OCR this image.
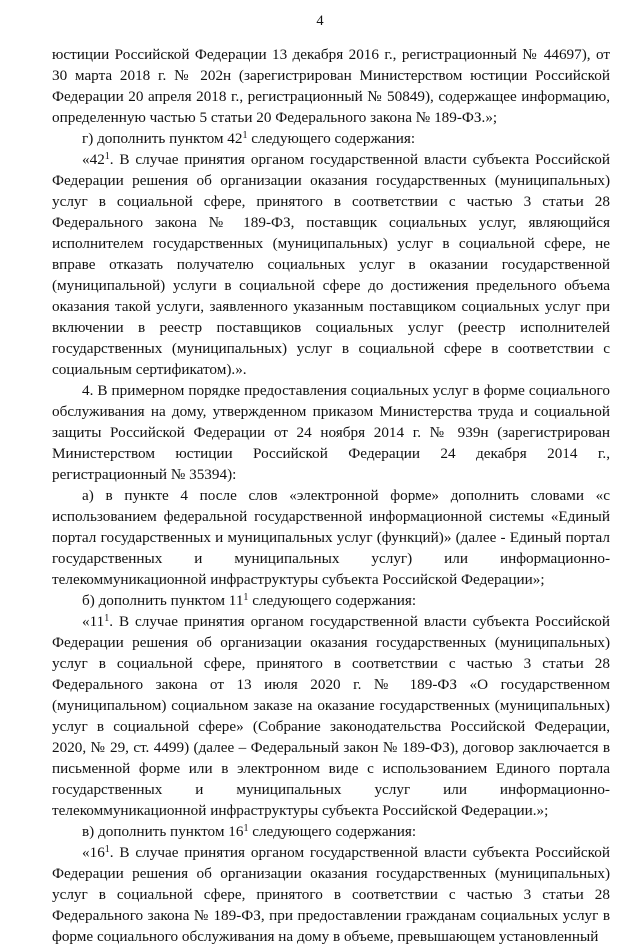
4

юстиции Российской Федерации 13 декабря 2016 г., регистрационный № 44697), от 30 марта 2018 г. № 202н (зарегистрирован Министерством юстиции Российской Федерации 20 апреля 2018 г., регистрационный № 50849), содержащее информацию, определенную частью 5 статьи 20 Федерального закона № 189-ФЗ.»;

г) дополнить пунктом $42^1$ следующего содержания:

«$42^1$. В случае принятия органом государственной власти субъекта Российской Федерации решения об организации оказания государственных (муниципальных) услуг в социальной сфере, принятого в соответствии с частью 3 статьи 28 Федерального закона № 189-ФЗ, поставщик социальных услуг, являющийся исполнителем государственных (муниципальных) услуг в социальной сфере, не вправе отказать получателю социальных услуг в оказании государственной (муниципальной) услуги в социальной сфере до достижения предельного объема оказания такой услуги, заявленного указанным поставщиком социальных услуг при включении в реестр поставщиков социальных услуг (реестр исполнителей государственных (муниципальных) услуг в социальной сфере в соответствии с социальным сертификатом).».

4. В примерном порядке предоставления социальных услуг в форме социального обслуживания на дому, утвержденном приказом Министерства труда и социальной защиты Российской Федерации от 24 ноября 2014 г. № 939н (зарегистрирован Министерством юстиции Российской Федерации 24 декабря 2014 г., регистрационный № 35394):

а) в пункте 4 после слов «электронной форме» дополнить словами «с использованием федеральной государственной информационной системы «Единый портал государственных и муниципальных услуг (функций)» (далее - Единый портал государственных и муниципальных услуг) или информационно-телекоммуникационной инфраструктуры субъекта Российской Федерации»;

б) дополнить пунктом $11^1$ следующего содержания:

«$11^1$. В случае принятия органом государственной власти субъекта Российской Федерации решения об организации оказания государственных (муниципальных) услуг в социальной сфере, принятого в соответствии с частью 3 статьи 28 Федерального закона от 13 июля 2020 г. № 189-ФЗ «О государственном (муниципальном) социальном заказе на оказание государственных (муниципальных) услуг в социальной сфере» (Собрание законодательства Российской Федерации, 2020, № 29, ст. 4499) (далее – Федеральный закон № 189-ФЗ), договор заключается в письменной форме или в электронном виде с использованием Единого портала государственных и муниципальных услуг или информационно-телекоммуникационной инфраструктуры субъекта Российской Федерации.»;

в) дополнить пунктом $16^1$ следующего содержания:

«$16^1$. В случае принятия органом государственной власти субъекта Российской Федерации решения об организации оказания государственных (муниципальных) услуг в социальной сфере, принятого в соответствии с частью 3 статьи 28 Федерального закона № 189-ФЗ, при предоставлении гражданам социальных услуг в форме социального обслуживания на дому в объеме, превышающем установленный
